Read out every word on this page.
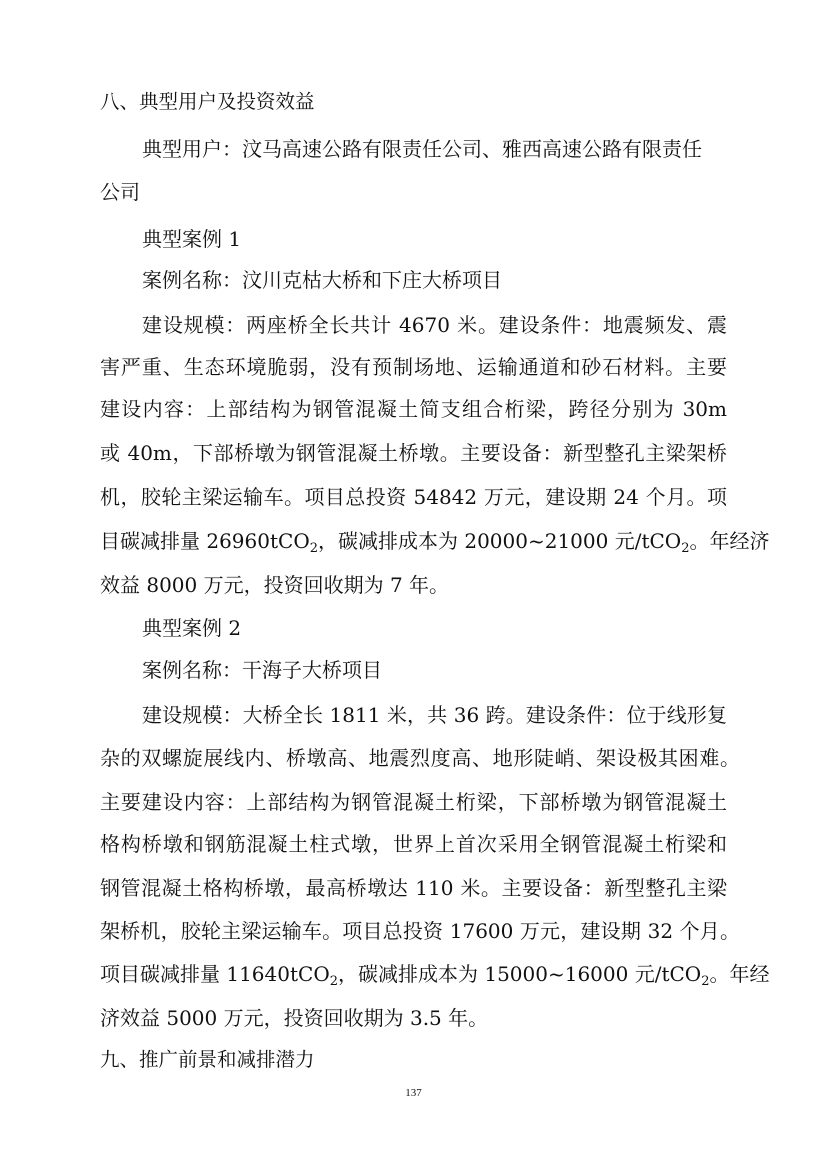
八、典型用户及投资效益
典型用户：汶马高速公路有限责任公司、雅西高速公路有限责任
公司
典型案例 1
案例名称：汶川克枯大桥和下庄大桥项目
建设规模：两座桥全长共计 4670 米。建设条件：地震频发、震
害严重、生态环境脆弱，没有预制场地、运输通道和砂石材料。主要
建设内容：上部结构为钢管混凝土简支组合桁梁，跨径分别为 30m
或 40m，下部桥墩为钢管混凝土桥墩。主要设备：新型整孔主梁架桥
机，胶轮主梁运输车。项目总投资 54842 万元，建设期 24 个月。项
目碳减排量 26960tCO$_2$，碳减排成本为 20000~21000 元/tCO$_2$。年经济
效益 8000 万元，投资回收期为 7 年。
典型案例 2
案例名称：干海子大桥项目
建设规模：大桥全长 1811 米，共 36 跨。建设条件：位于线形复
杂的双螺旋展线内、桥墩高、地震烈度高、地形陡峭、架设极其困难。
主要建设内容：上部结构为钢管混凝土桁梁，下部桥墩为钢管混凝土
格构桥墩和钢筋混凝土柱式墩，世界上首次采用全钢管混凝土桁梁和
钢管混凝土格构桥墩，最高桥墩达 110 米。主要设备：新型整孔主梁
架桥机，胶轮主梁运输车。项目总投资 17600 万元，建设期 32 个月。
项目碳减排量 11640tCO$_2$，碳减排成本为 15000~16000 元/tCO$_2$。年经
济效益 5000 万元，投资回收期为 3.5 年。
九、推广前景和减排潜力
137
